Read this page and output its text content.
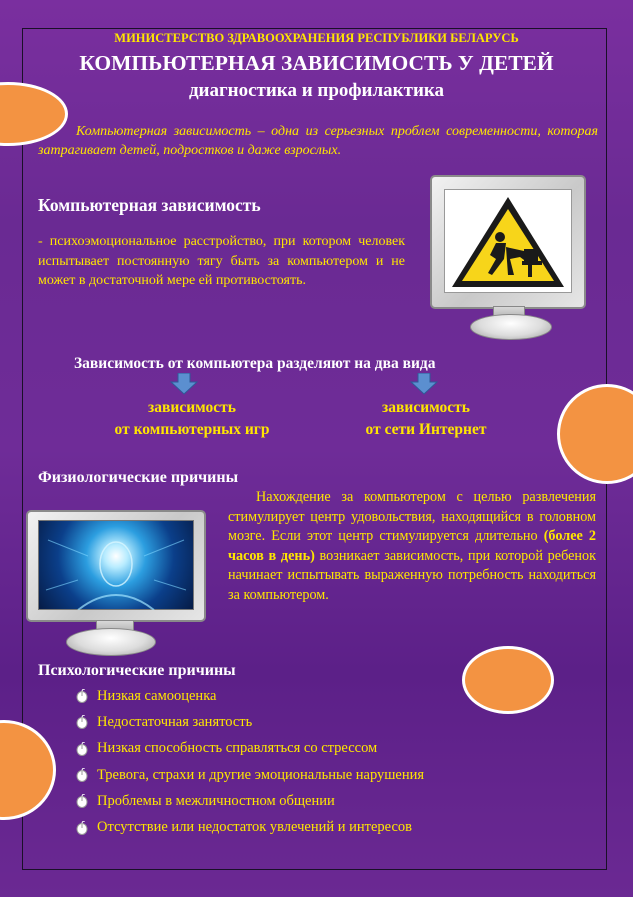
МИНИСТЕРСТВО ЗДРАВООХРАНЕНИЯ РЕСПУБЛИКИ БЕЛАРУСЬ
КОМПЬЮТЕРНАЯ ЗАВИСИМОСТЬ У ДЕТЕЙ
диагностика и профилактика

Компьютерная зависимость – одна из серьезных проблем современности, которая затрагивает детей, подростков и даже взрослых.

Компьютерная зависимость

- психоэмоциональное расстройство, при котором человек испытывает постоянную тягу быть за компьютером и не может в достаточной мере ей противостоять.

Зависимость от компьютера разделяют на два вида
зависимость
от компьютерных игр
зависимость
от сети Интернет
Физиологические причины

Нахождение за компьютером с целью развлечения стимулирует центр удовольствия, находящийся в головном мозге. Если этот центр стимулируется длительно (более 2 часов в день) возникает зависимость, при которой ребенок начинает испытывать выраженную потребность находиться за компьютером.

Психологические причины
Низкая самооценка
Недостаточная занятость
Низкая способность справляться со стрессом
Тревога, страхи и другие эмоциональные нарушения
Проблемы в межличностном общении
Отсутствие или недостаток увлечений и интересов
